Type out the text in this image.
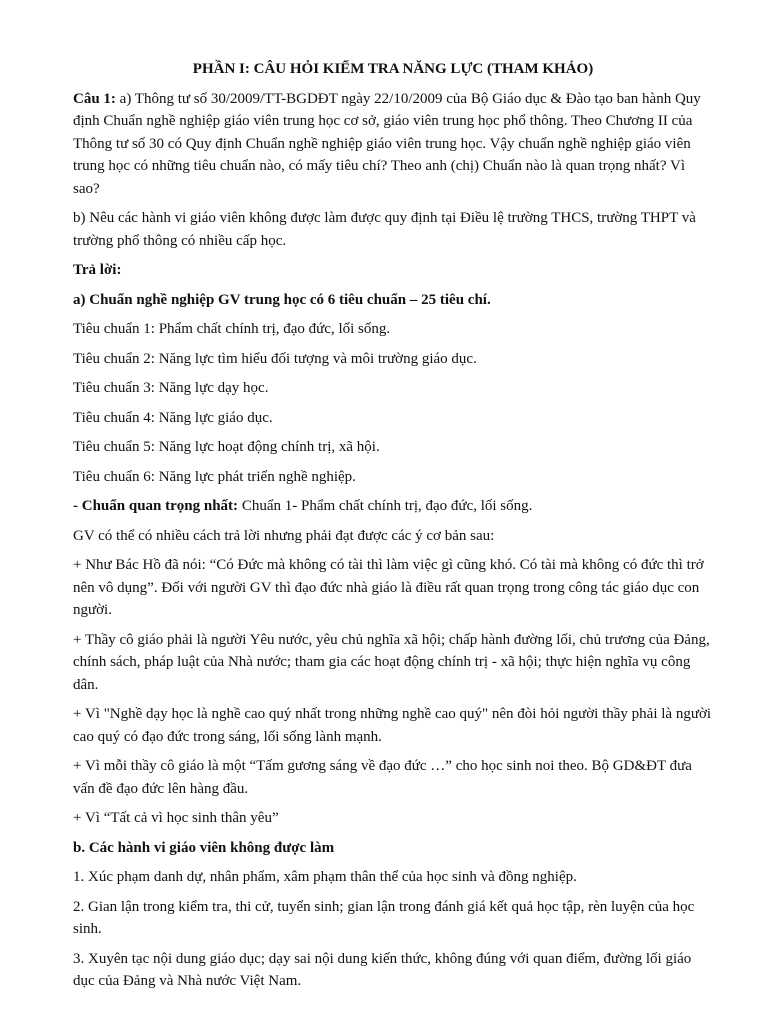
PHẦN I: CÂU HỎI KIỂM TRA NĂNG LỰC (THAM KHẢO)

Câu 1: a) Thông tư số 30/2009/TT-BGDĐT ngày 22/10/2009 của Bộ Giáo dục & Đào tạo ban hành Quy định Chuẩn nghề nghiệp giáo viên trung học cơ sở, giáo viên trung học phổ thông. Theo Chương II của Thông tư số 30 có Quy định Chuẩn nghề nghiệp giáo viên trung học. Vậy chuẩn nghề nghiệp giáo viên trung học có những tiêu chuẩn nào, có mấy tiêu chí? Theo anh (chị) Chuẩn nào là quan trọng nhất? Vì sao?

b) Nêu các hành vi giáo viên không được làm được quy định tại Điều lệ trường THCS, trường THPT và trường phổ thông có nhiều cấp học.

Trả lời:

a) Chuẩn nghề nghiệp GV trung học có 6 tiêu chuẩn – 25 tiêu chí.

Tiêu chuẩn 1: Phẩm chất chính trị, đạo đức, lối sống.

Tiêu chuẩn 2: Năng lực tìm hiểu đối tượng và môi trường giáo dục.

Tiêu chuẩn 3: Năng lực dạy học.

Tiêu chuẩn 4: Năng lực giáo dục.

Tiêu chuẩn 5: Năng lực hoạt động chính trị, xã hội.

Tiêu chuẩn 6: Năng lực phát triển nghề nghiệp.

- Chuẩn quan trọng nhất: Chuẩn 1- Phẩm chất chính trị, đạo đức, lối sống.

GV có thể có nhiều cách trả lời nhưng phải đạt được các ý cơ bản sau:

+ Như Bác Hồ đã nói: “Có Đức mà không có tài thì làm việc gì cũng khó. Có tài mà không có đức thì trở nên vô dụng”. Đối với người GV thì đạo đức nhà giáo là điều rất quan trọng trong công tác giáo dục con người.

+ Thầy cô giáo phải là người Yêu nước, yêu chủ nghĩa xã hội; chấp hành đường lối, chủ trương của Đảng, chính sách, pháp luật của Nhà nước; tham gia các hoạt động chính trị - xã hội; thực hiện nghĩa vụ công dân.

+ Vì "Nghề dạy học là nghề cao quý nhất trong những nghề cao quý" nên đòi hỏi người thầy phải là người cao quý có đạo đức trong sáng, lối sống lành mạnh.

+ Vì mỗi thầy cô giáo là một “Tấm gương sáng về đạo đức …” cho học sinh noi theo. Bộ GD&ĐT đưa vấn đề đạo đức lên hàng đầu.

+ Vì “Tất cả vì học sinh thân yêu”

b. Các hành vi giáo viên không được làm

1. Xúc phạm danh dự, nhân phẩm, xâm phạm thân thể của học sinh và đồng nghiệp.

2. Gian lận trong kiểm tra, thi cử, tuyển sinh; gian lận trong đánh giá kết quả học tập, rèn luyện của học sinh.

3. Xuyên tạc nội dung giáo dục; dạy sai nội dung kiến thức, không đúng với quan điểm, đường lối giáo dục của Đảng và Nhà nước Việt Nam.
